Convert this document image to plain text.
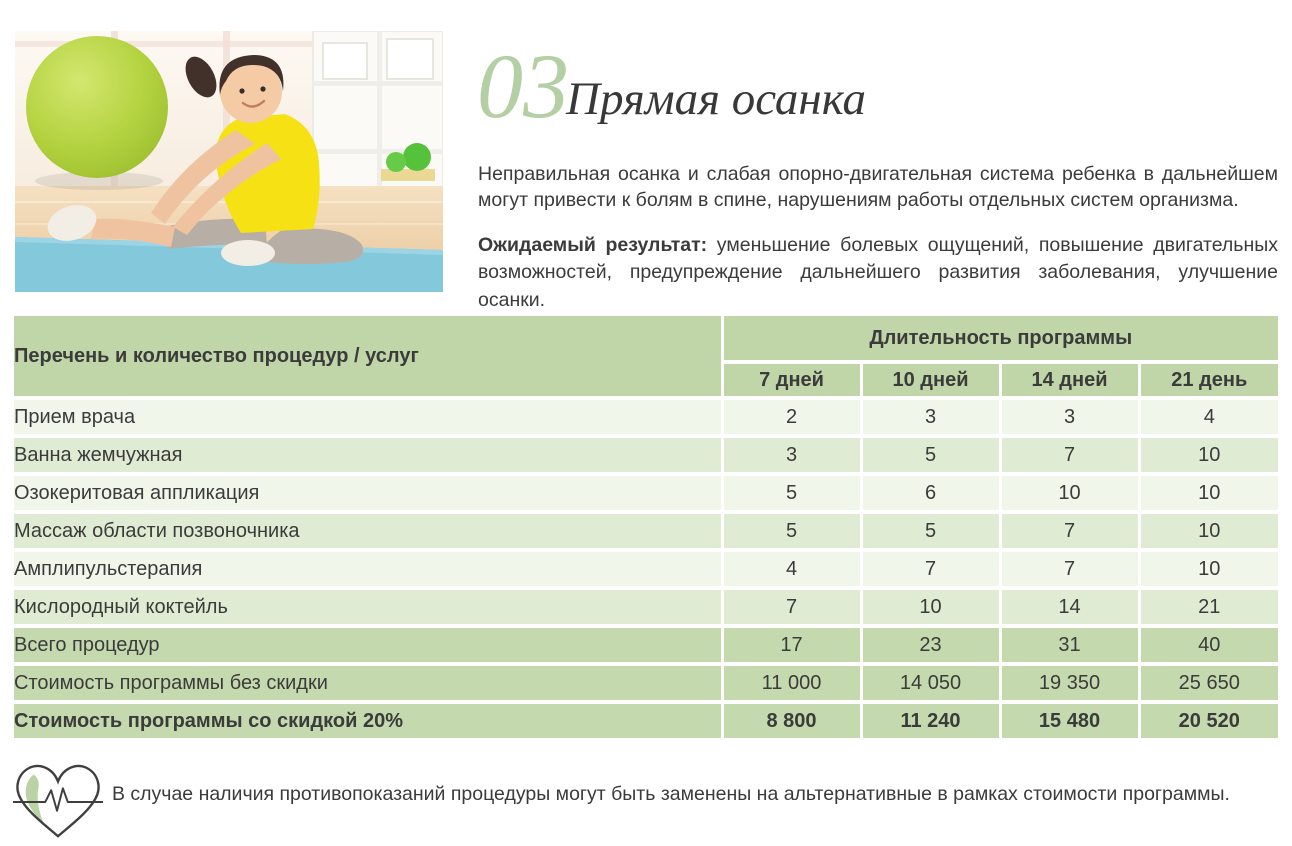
03
Прямая осанка

Неправильная осанка и слабая опорно-двигательная система ребенка в дальнейшем могут привести к болям в спине, нарушениям работы отдельных систем организма.

Ожидаемый результат: уменьшение болевых ощущений, повышение двигательных возможностей, предупреждение дальнейшего развития заболевания, улучшение осанки.

Перечень и количество процедур / услуг	Длительность программы			
	7 дней	10 дней	14 дней	21 день
Прием врача	2	3	3	4
Ванна жемчужная	3	5	7	10
Озокеритовая аппликация	5	6	10	10
Массаж области позвоночника	5	5	7	10
Амплипульстерапия	4	7	7	10
Кислородный коктейль	7	10	14	21
Всего процедур	17	23	31	40
Стоимость программы без скидки	11 000	14 050	19 350	25 650
Стоимость программы со скидкой 20%	8 800	11 240	15 480	20 520
В случае наличия противопоказаний процедуры могут быть заменены на альтернативные в рамках стоимости программы.
